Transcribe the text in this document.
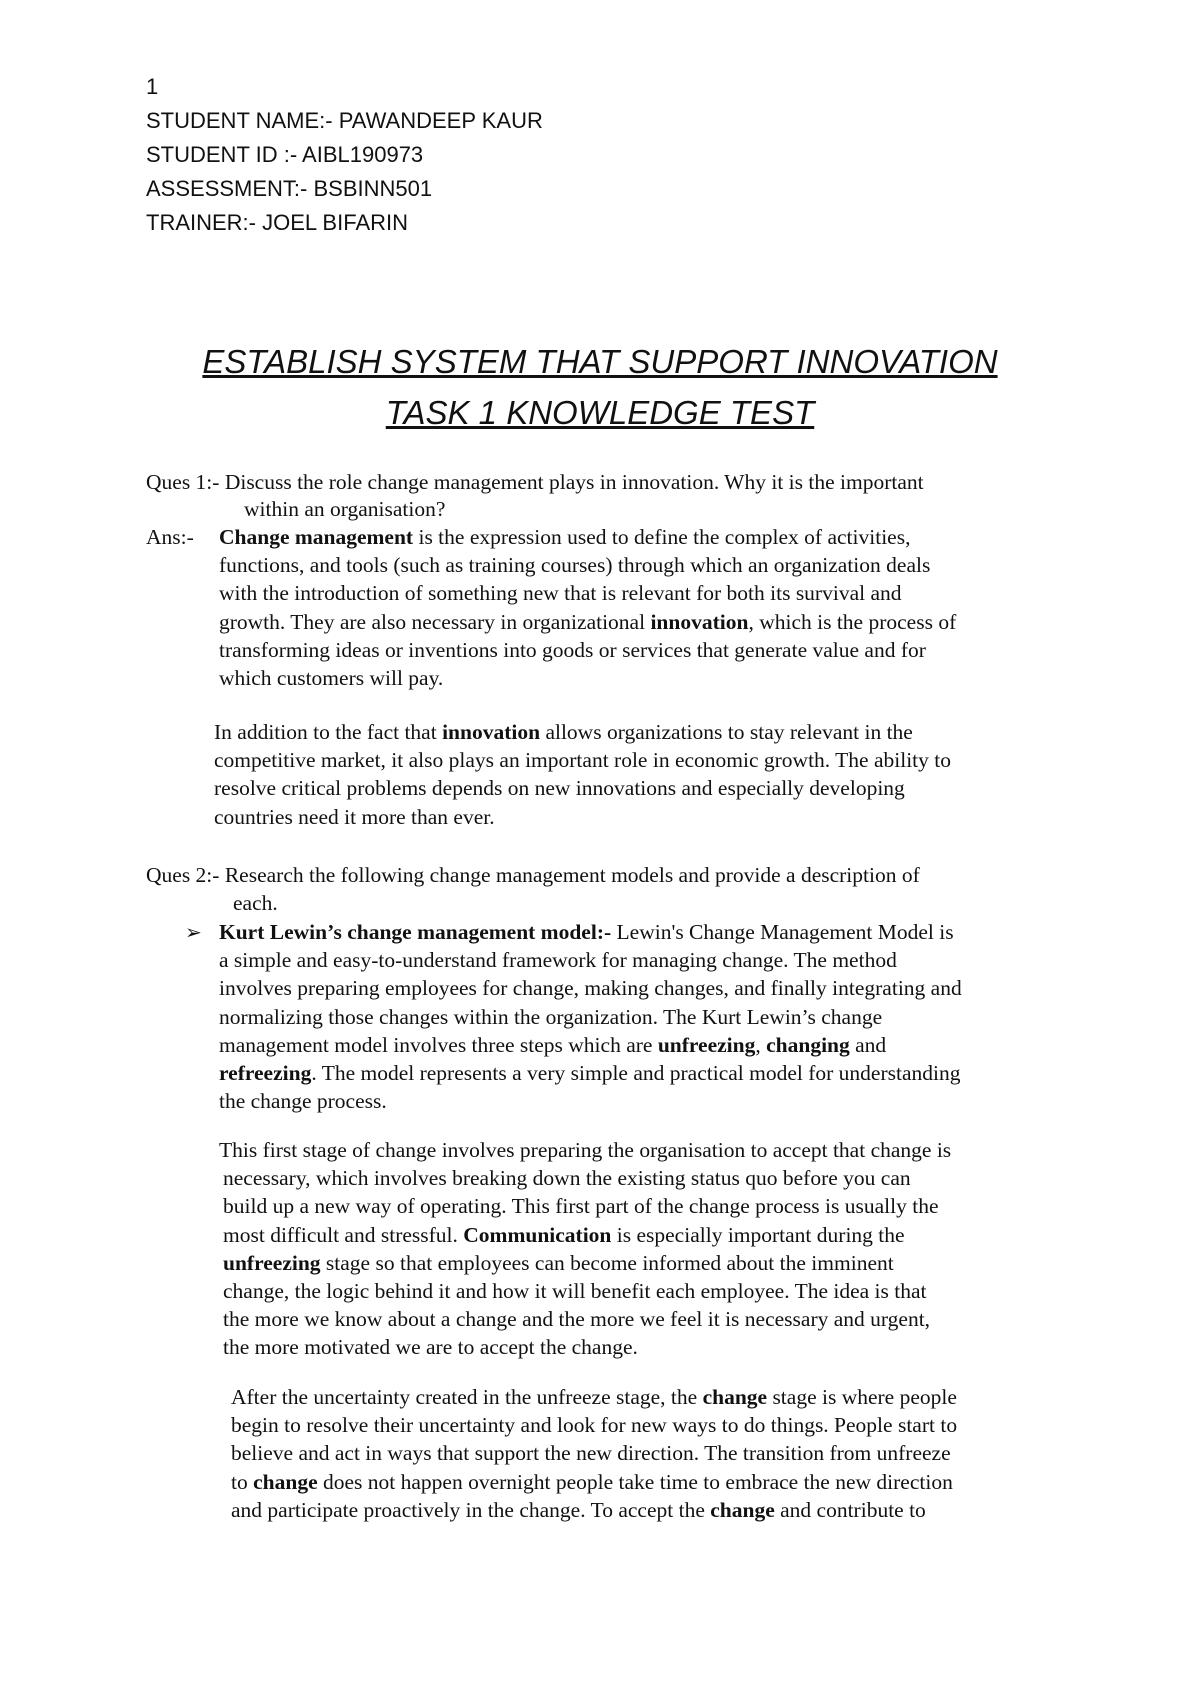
1
STUDENT NAME:- PAWANDEEP KAUR
STUDENT ID :- AIBL190973
ASSESSMENT:- BSBINN501
TRAINER:- JOEL BIFARIN
ESTABLISH SYSTEM THAT SUPPORT INNOVATION
TASK 1 KNOWLEDGE TEST
Ques 1:- Discuss the role change management plays in innovation. Why it is the important
within an organisation?
Ans:- Change management is the expression used to define the complex of activities,
functions, and tools (such as training courses) through which an organization deals
with the introduction of something new that is relevant for both its survival and
growth. They are also necessary in organizational innovation, which is the process of
transforming ideas or inventions into goods or services that generate value and for
which customers will pay.
In addition to the fact that innovation allows organizations to stay relevant in the
competitive market, it also plays an important role in economic growth. The ability to
resolve critical problems depends on new innovations and especially developing
countries need it more than ever.
Ques 2:- Research the following change management models and provide a description of
each.
➢ Kurt Lewin’s change management model:- Lewin's Change Management Model is
a simple and easy-to-understand framework for managing change. The method
involves preparing employees for change, making changes, and finally integrating and
normalizing those changes within the organization. The Kurt Lewin’s change
management model involves three steps which are unfreezing, changing and
refreezing. The model represents a very simple and practical model for understanding
the change process.
This first stage of change involves preparing the organisation to accept that change is
necessary, which involves breaking down the existing status quo before you can
build up a new way of operating. This first part of the change process is usually the
most difficult and stressful. Communication is especially important during the
unfreezing stage so that employees can become informed about the imminent
change, the logic behind it and how it will benefit each employee. The idea is that
the more we know about a change and the more we feel it is necessary and urgent,
the more motivated we are to accept the change.
After the uncertainty created in the unfreeze stage, the change stage is where people
begin to resolve their uncertainty and look for new ways to do things. People start to
believe and act in ways that support the new direction. The transition from unfreeze
to change does not happen overnight people take time to embrace the new direction
and participate proactively in the change. To accept the change and contribute to
